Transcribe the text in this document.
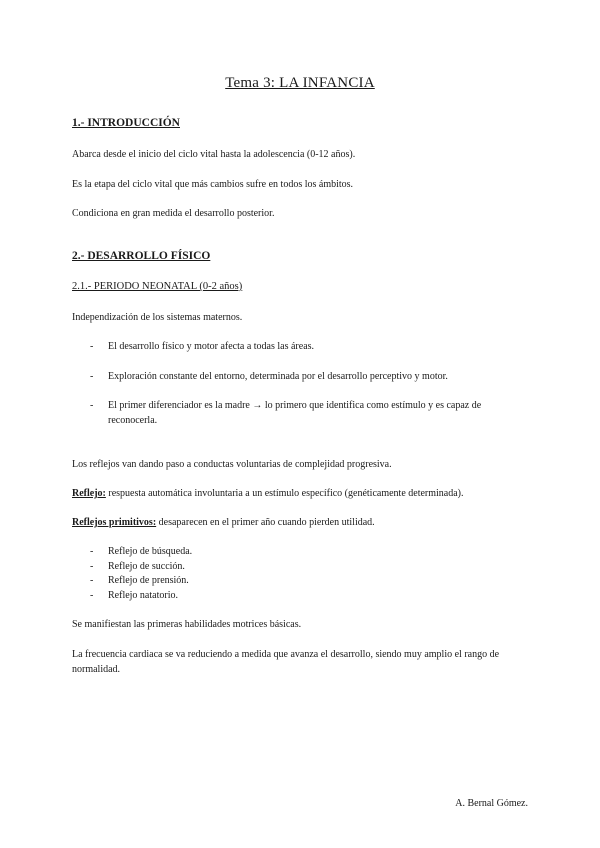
Tema 3: LA INFANCIA
1.- INTRODUCCIÓN
Abarca desde el inicio del ciclo vital hasta la adolescencia (0-12 años).
Es la etapa del ciclo vital que más cambios sufre en todos los ámbitos.
Condiciona en gran medida el desarrollo posterior.
2.- DESARROLLO FÍSICO
2.1.- PERIODO NEONATAL (0-2 años)
Independización de los sistemas maternos.
- El desarrollo físico y motor afecta a todas las áreas.
- Exploración constante del entorno, determinada por el desarrollo perceptivo y motor.
- El primer diferenciador es la madre → lo primero que identifica como estímulo y es capaz de reconocerla.
Los reflejos van dando paso a conductas voluntarias de complejidad progresiva.
Reflejo: respuesta automática involuntaria a un estímulo específico (genéticamente determinada).
Reflejos primitivos: desaparecen en el primer año cuando pierden utilidad.
- Reflejo de búsqueda.
- Reflejo de succión.
- Reflejo de prensión.
- Reflejo natatorio.
Se manifiestan las primeras habilidades motrices básicas.
La frecuencia cardiaca se va reduciendo a medida que avanza el desarrollo, siendo muy amplio el rango de normalidad.
A. Bernal Gómez.
